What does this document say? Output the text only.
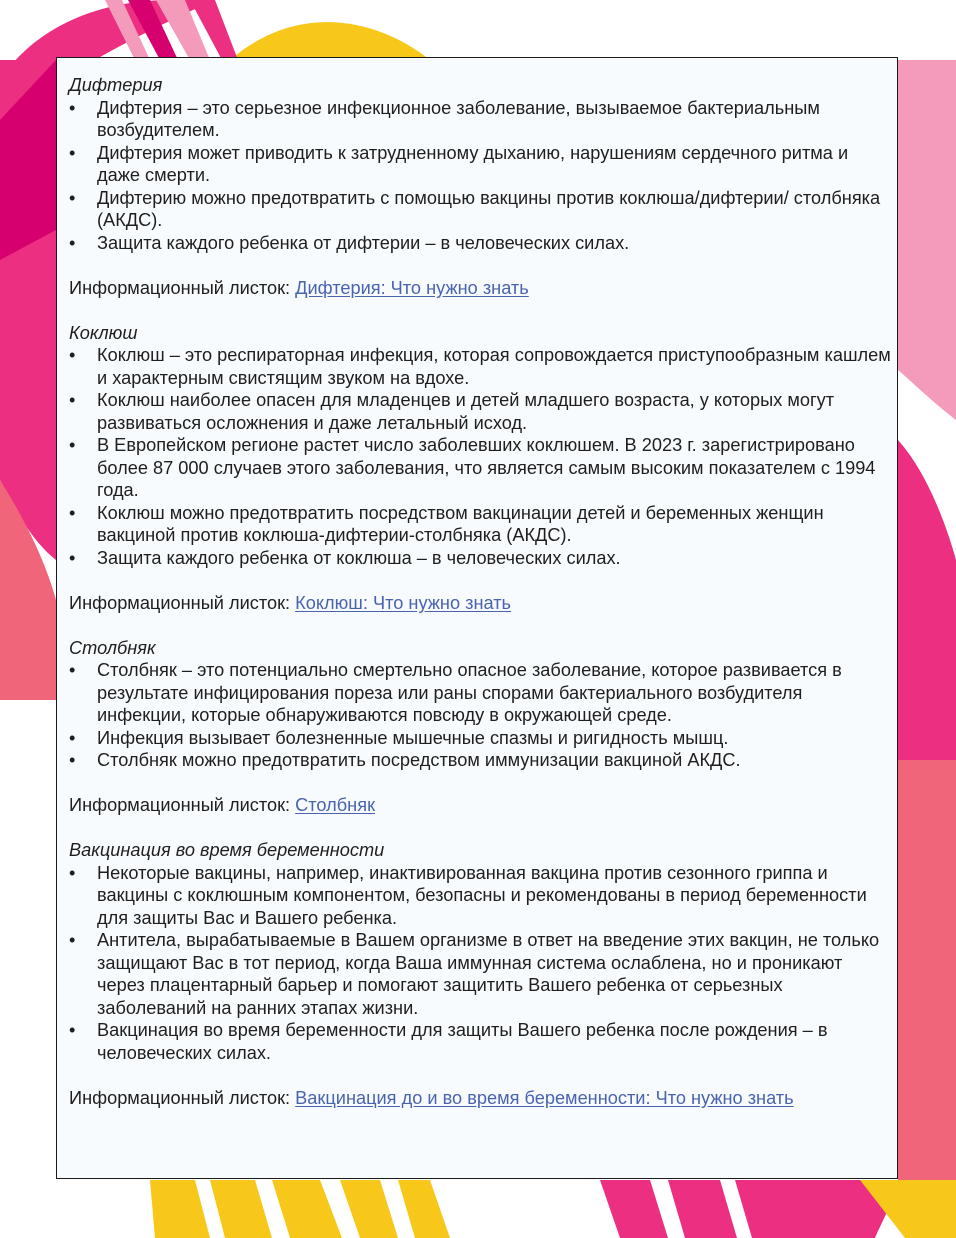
Дифтерия

• Дифтерия – это серьезное инфекционное заболевание, вызываемое бактериальным возбудителем.
• Дифтерия может приводить к затрудненному дыханию, нарушениям сердечного ритма и даже смерти.
• Дифтерию можно предотвратить с помощью вакцины против коклюша/дифтерии/ столбняка (АКДС).
• Защита каждого ребенка от дифтерии – в человеческих силах.

Информационный листок: Дифтерия: Что нужно знать

Коклюш

• Коклюш – это респираторная инфекция, которая сопровождается приступообразным кашлем и характерным свистящим звуком на вдохе.
• Коклюш наиболее опасен для младенцев и детей младшего возраста, у которых могут развиваться осложнения и даже летальный исход.
• В Европейском регионе растет число заболевших коклюшем. В 2023 г. зарегистрировано более 87 000 случаев этого заболевания, что является самым высоким показателем с 1994 года.
• Коклюш можно предотвратить посредством вакцинации детей и беременных женщин вакциной против коклюша-дифтерии-столбняка (АКДС).
• Защита каждого ребенка от коклюша – в человеческих силах.

Информационный листок: Коклюш: Что нужно знать

Столбняк

• Столбняк – это потенциально смертельно опасное заболевание, которое развивается в результате инфицирования пореза или раны спорами бактериального возбудителя инфекции, которые обнаруживаются повсюду в окружающей среде.
• Инфекция вызывает болезненные мышечные спазмы и ригидность мышц.
• Столбняк можно предотвратить посредством иммунизации вакциной АКДС.

Информационный листок: Столбняк

Вакцинация во время беременности

• Некоторые вакцины, например, инактивированная вакцина против сезонного гриппа и вакцины с коклюшным компонентом, безопасны и рекомендованы в период беременности для защиты Вас и Вашего ребенка.
• Антитела, вырабатываемые в Вашем организме в ответ на введение этих вакцин, не только защищают Вас в тот период, когда Ваша иммунная система ослаблена, но и проникают через плацентарный барьер и помогают защитить Вашего ребенка от серьезных заболеваний на ранних этапах жизни.
• Вакцинация во время беременности для защиты Вашего ребенка после рождения – в человеческих силах.

Информационный листок: Вакцинация до и во время беременности: Что нужно знать
